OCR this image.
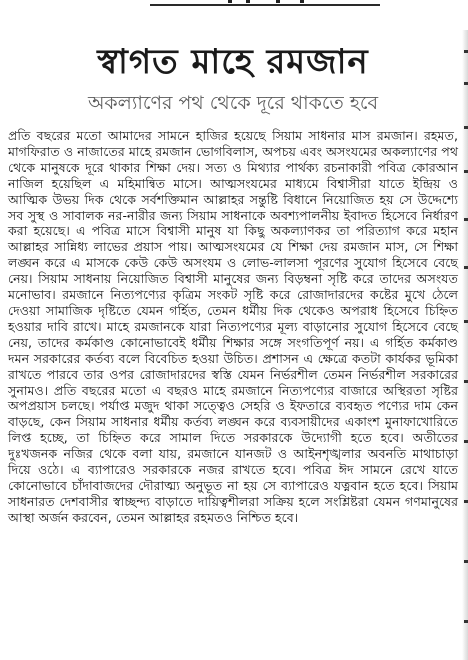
স্বাগত মাহে রমজান
অকল্যাণের পথ থেকে দূরে থাকতে হবে

প্রতি বছরের মতো আমাদের সামনে হাজির হয়েছে সিয়াম সাধনার মাস রমজান। রহমত, মাগফিরাত ও নাজাতের মাহে রমজান ভোগবিলাস, অপচয় এবং অসংযমের অকল্যাণের পথ থেকে মানুষকে দূরে থাকার শিক্ষা দেয়। সত্য ও মিথ্যার পার্থক্য রচনাকারী পবিত্র কোরআন নাজিল হয়েছিল এ মহিমান্বিত মাসে। আত্মসংযমের মাধ্যমে বিশ্বাসীরা যাতে ইন্দ্রিয় ও আত্মিক উভয় দিক থেকে সর্বশক্তিমান আল্লাহর সন্তুষ্টি বিধানে নিয়োজিত হয় সে উদ্দেশ্যে সব সুস্থ ও সাবালক নর-নারীর জন্য সিয়াম সাধনাকে অবশ্যপালনীয় ইবাদত হিসেবে নির্ধারণ করা হয়েছে। এ পবিত্র মাসে বিশ্বাসী মানুষ যা কিছু অকল্যাণকর তা পরিত্যাগ করে মহান আল্লাহর সান্নিধ্য লাভের প্রয়াস পায়। আত্মসংযমের যে শিক্ষা দেয় রমজান মাস, সে শিক্ষা লঙ্ঘন করে এ মাসকে কেউ কেউ অসংযম ও লোভ-লালসা পূরণের সুযোগ হিসেবে বেছে নেয়। সিয়াম সাধনায় নিয়োজিত বিশ্বাসী মানুষের জন্য বিড়ম্বনা সৃষ্টি করে তাদের অসংযত মনোভাব। রমজানে নিত্যপণ্যের কৃত্রিম সংকট সৃষ্টি করে রোজাদারদের কষ্টের মুখে ঠেলে দেওয়া সামাজিক দৃষ্টিতে যেমন গর্হিত, তেমন ধর্মীয় দিক থেকেও অপরাধ হিসেবে চিহ্নিত হওয়ার দাবি রাখে। মাহে রমজানকে যারা নিত্যপণ্যের মূল্য বাড়ানোর সুযোগ হিসেবে বেছে নেয়, তাদের কর্মকাণ্ড কোনোভাবেই ধর্মীয় শিক্ষার সঙ্গে সংগতিপূর্ণ নয়। এ গর্হিত কর্মকাণ্ড দমন সরকারের কর্তব্য বলে বিবেচিত হওয়া উচিত। প্রশাসন এ ক্ষেত্রে কতটা কার্যকর ভূমিকা রাখতে পারবে তার ওপর রোজাদারদের স্বস্তি যেমন নির্ভরশীল তেমন নির্ভরশীল সরকারের সুনামও। প্রতি বছরের মতো এ বছরও মাহে রমজানে নিত্যপণ্যের বাজারে অস্থিরতা সৃষ্টির অপপ্রয়াস চলছে। পর্যাপ্ত মজুদ থাকা সত্ত্বেও সেহরি ও ইফতারে ব্যবহৃত পণ্যের দাম কেন বাড়ছে, কেন সিয়াম সাধনার ধর্মীয় কর্তব্য লঙ্ঘন করে ব্যবসায়ীদের একাংশ মুনাফাখোরিতে লিপ্ত হচ্ছে, তা চিহ্নিত করে সামাল দিতে সরকারকে উদ্যোগী হতে হবে। অতীতের দুঃখজনক নজির থেকে বলা যায়, রমজানে যানজট ও আইনশৃঙ্খলার অবনতি মাথাচাড়া দিয়ে ওঠে। এ ব্যাপারেও সরকারকে নজর রাখতে হবে। পবিত্র ঈদ সামনে রেখে যাতে কোনোভাবে চাঁদাবাজদের দৌরাত্ম্য অনুভূত না হয় সে ব্যাপারেও যত্নবান হতে হবে। সিয়াম সাধনারত দেশবাসীর স্বাচ্ছন্দ্য বাড়াতে দায়িত্বশীলরা সক্রিয় হলে সংশ্লিষ্টরা যেমন গণমানুষের আস্থা অর্জন করবেন, তেমন আল্লাহর রহমতও নিশ্চিত হবে।
